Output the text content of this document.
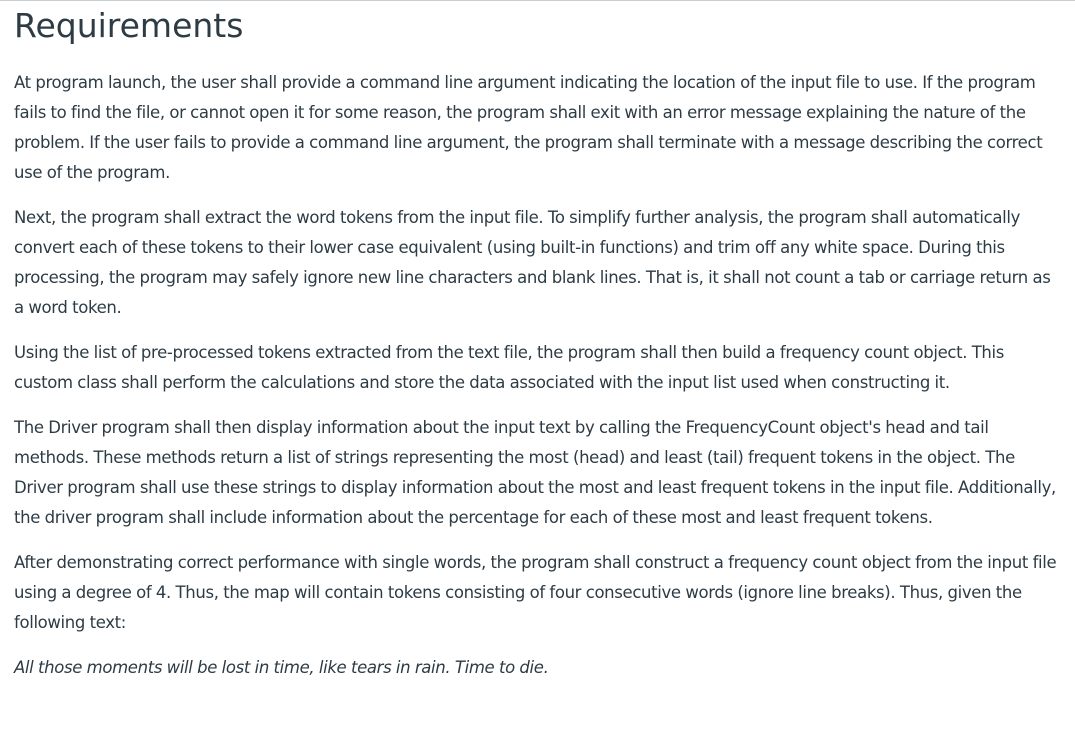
Requirements

At program launch, the user shall provide a command line argument indicating the location of the input file to use. If the program fails to find the file, or cannot open it for some reason, the program shall exit with an error message explaining the nature of the problem. If the user fails to provide a command line argument, the program shall terminate with a message describing the correct use of the program.

Next, the program shall extract the word tokens from the input file. To simplify further analysis, the program shall automatically convert each of these tokens to their lower case equivalent (using built-in functions) and trim off any white space. During this processing, the program may safely ignore new line characters and blank lines. That is, it shall not count a tab or carriage return as a word token.

Using the list of pre-processed tokens extracted from the text file, the program shall then build a frequency count object. This custom class shall perform the calculations and store the data associated with the input list used when constructing it.

The Driver program shall then display information about the input text by calling the FrequencyCount object's head and tail methods. These methods return a list of strings representing the most (head) and least (tail) frequent tokens in the object. The Driver program shall use these strings to display information about the most and least frequent tokens in the input file. Additionally, the driver program shall include information about the percentage for each of these most and least frequent tokens.

After demonstrating correct performance with single words, the program shall construct a frequency count object from the input file using a degree of 4. Thus, the map will contain tokens consisting of four consecutive words (ignore line breaks). Thus, given the following text:

All those moments will be lost in time, like tears in rain. Time to die.
